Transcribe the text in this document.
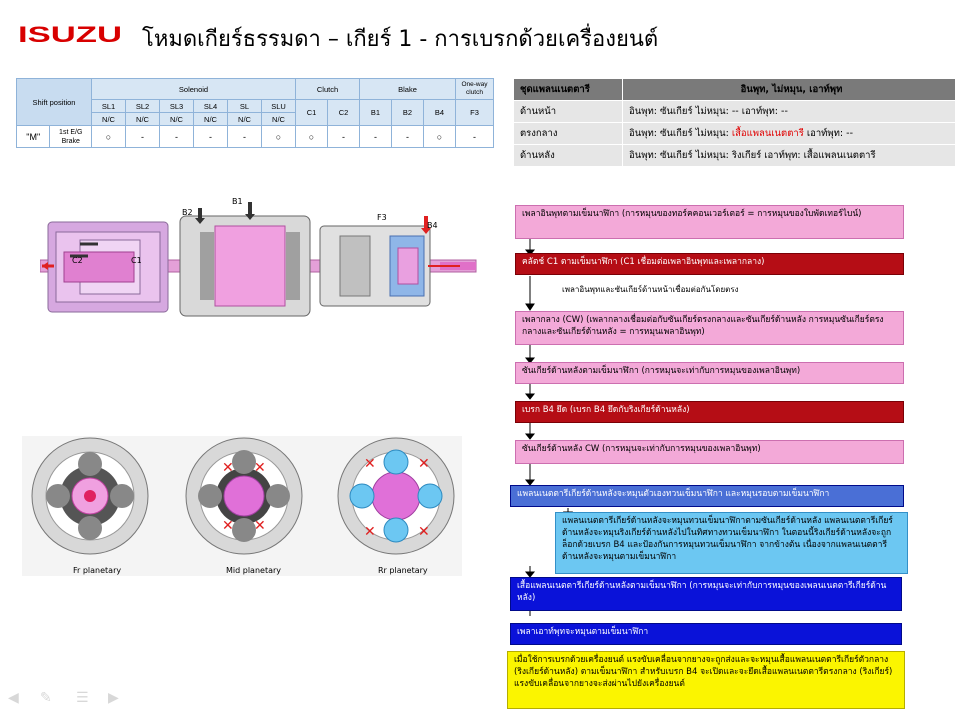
ISUZU โหมดเกียร์ธรรมดา – เกียร์ 1 - การเบรกด้วยเครื่องยนต์
Shift position		Solenoid						Clutch		Blake			One-way clutch
		SL1	SL2	SL3	SL4	SL	SLU	C1	C2	B1	B2	B4	F3
		N/C	N/C	N/C	N/C	N/C	N/C						
"M"	1st E/G Brake	○	-	-	-	-	○	○	-	-	-	○	-
ชุดแพลนเนตตารี	อินพุท, ไม่หมุน, เอาท์พุท
ด้านหน้า	อินพุท: ซันเกียร์ ไม่หมุน: -- เอาท์พุท: --
ตรงกลาง	อินพุท: ซันเกียร์ ไม่หมุน: เสื้อแพลนเนตตารี เอาท์พุท: --
ด้านหลัง	อินพุท: ซันเกียร์ ไม่หมุน: ริงเกียร์ เอาท์พุท: เสื้อแพลนเนตตารี
B2
B1
F3
B4
C2	C1
✕ ✕
✕ ✕
✕	✕
✕	✕
Fr planetary	Mid planetary	Rr planetary
เพลาอินพุทตามเข็มนาฬิกา (การหมุนของทอร์คคอนเวอร์เตอร์ = การหมุนของใบพัดเทอร์ไบน์)
คลัตช์ C1 ตามเข็มนาฬิกา (C1 เชื่อมต่อเพลาอินพุทและเพลากลาง)
เพลาอินพุทและซันเกียร์ด้านหน้าเชื่อมต่อกันโดยตรง
เพลากลาง (CW) (เพลากลางเชื่อมต่อกับซันเกียร์ตรงกลางและซันเกียร์ด้านหลัง การหมุนซันเกียร์ตรงกลางและซันเกียร์ด้านหลัง = การหมุนเพลาอินพุท)
ซันเกียร์ด้านหลังตามเข็มนาฬิกา (การหมุนจะเท่ากับการหมุนของเพลาอินพุท)
เบรก B4 ยึด (เบรก B4 ยึดกับริงเกียร์ด้านหลัง)
ซันเกียร์ด้านหลัง CW (การหมุนจะเท่ากับการหมุนของเพลาอินพุท)
แพลนเนตตารีเกียร์ด้านหลังจะหมุนตัวเองทวนเข็มนาฬิกา และหมุนรอบตามเข็มนาฬิกา
แพลนเนตตารีเกียร์ด้านหลังจะหมุนทวนเข็มนาฬิกาตามซันเกียร์ด้านหลัง แพลนเนตตารีเกียร์ด้านหลังจะหมุนริงเกียร์ด้านหลังไปในทิศทางทวนเข็มนาฬิกา ในตอนนี้ริงเกียร์ด้านหลังจะถูกล็อกด้วยเบรก B4 และป้องกันการหมุนทวนเข็มนาฬิกา จากข้างต้น เนื่องจากแพลนเนตตารีด้านหลังจะหมุนตามเข็มนาฬิกา
เสื้อแพลนเนตตารีเกียร์ด้านหลังตามเข็มนาฬิกา (การหมุนจะเท่ากับการหมุนของเพลนเนตตารีเกียร์ด้านหลัง)
เพลาเอาท์พุทจะหมุนตามเข็มนาฬิกา
เมื่อใช้การเบรกด้วยเครื่องยนต์ แรงขับเคลื่อนจากยางจะถูกส่งและจะหมุนเสื้อแพลนเนตตารีเกียร์ตัวกลาง (ริงเกียร์ด้านหลัง) ตามเข็มนาฬิกา สำหรับเบรก B4 จะเปิดและจะยึดเสื้อแพลนเนตตารีตรงกลาง (ริงเกียร์) แรงขับเคลื่อนจากยางจะส่งผ่านไปยังเครื่องยนต์
◀ ✎ ☰ ▶
